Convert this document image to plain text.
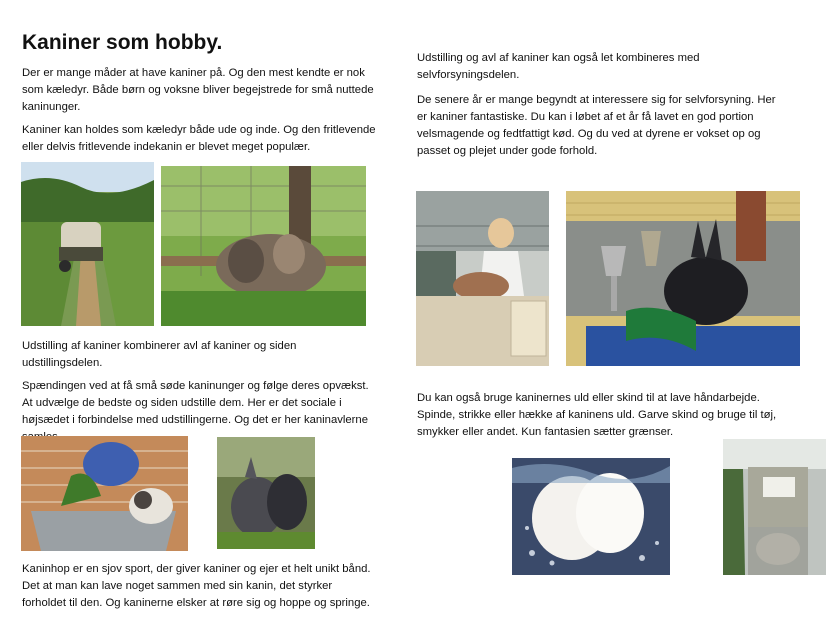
Kaniner som hobby.

Der er mange måder at have kaniner på. Og den mest kendte er nok som kæledyr. Både børn og voksne bliver begejstrede for små nuttede kaninunger.

Kaniner kan holdes som kæledyr både ude og inde. Og den fritlevende eller delvis fritlevende indekanin er blevet meget populær.

Udstilling af kaniner kombinerer avl af kaniner og siden udstillingsdelen.

Spændingen ved at få små søde kaninunger og følge deres opvækst. At udvælge de bedste og siden udstille dem. Her er det sociale i højsædet i forbindelse med udstillingerne. Og det er her kaninavlerne

Kaninhop er en sjov sport, der giver kaniner og ejer et helt unikt bånd. Det at man kan lave noget sammen med sin kanin, det styrker forholdet til den. Og kaninerne elsker at røre sig og hoppe og springe.

Udstilling og avl af kaniner kan også let kombineres med selvforsyningsdelen.

De senere år er mange begyndt at interessere sig for selvforsyning. Her er kaniner fantastiske. Du kan i løbet af et år få lavet en god portion velsmagende og fedtfattigt kød. Og du ved at dyrene er vokset op og passet og plejet under gode forhold.

Du kan også bruge kaninernes uld eller skind til at lave håndarbejde. Spinde, strikke eller hække af kaninens uld. Garve skind og bruge til tøj, smykker eller andet. Kun fantasien sætter grænser.
